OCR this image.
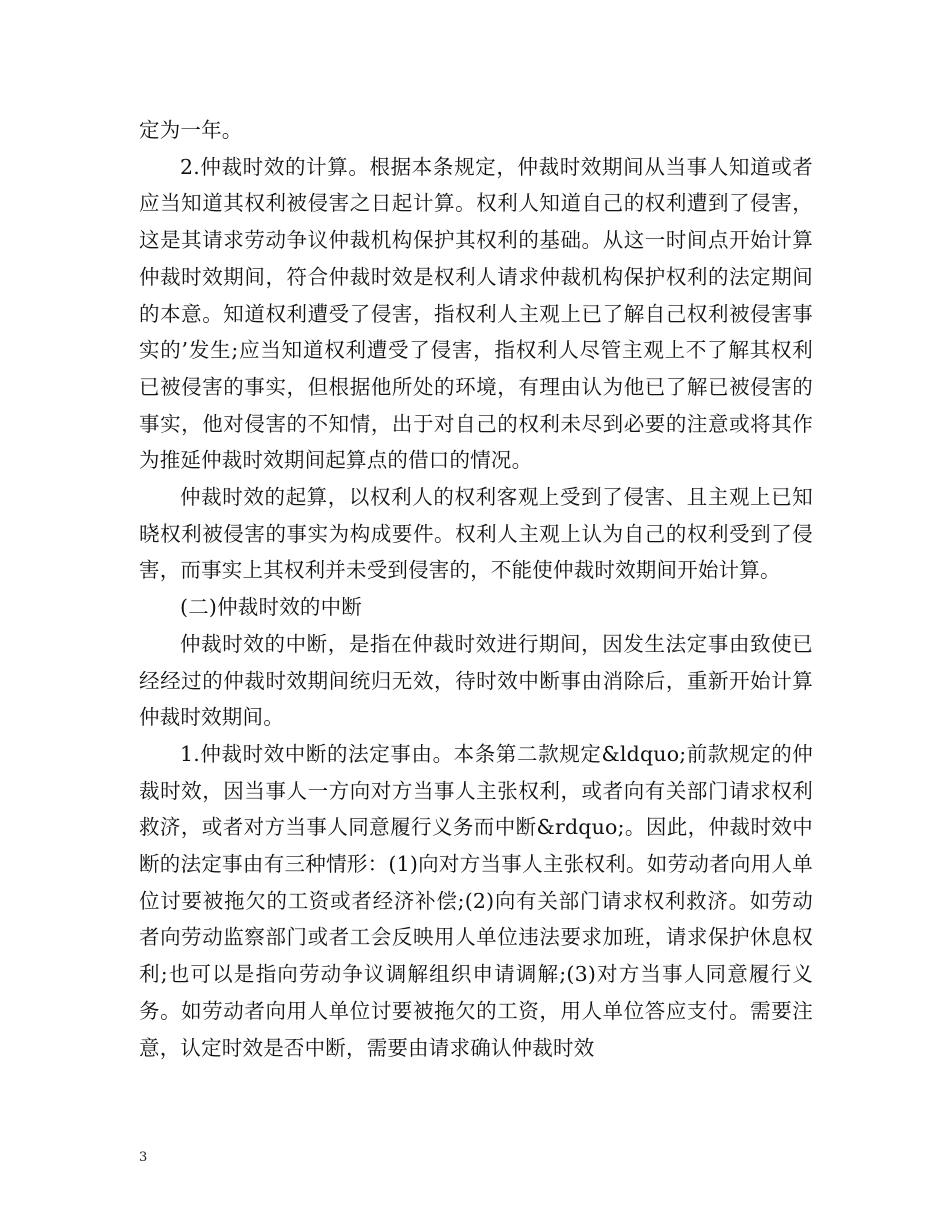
定为一年。

2.仲裁时效的计算。根据本条规定，仲裁时效期间从当事人知道或者应当知道其权利被侵害之日起计算。权利人知道自己的权利遭到了侵害，这是其请求劳动争议仲裁机构保护其权利的基础。从这一时间点开始计算仲裁时效期间，符合仲裁时效是权利人请求仲裁机构保护权利的法定期间的本意。知道权利遭受了侵害，指权利人主观上已了解自己权利被侵害事实的’发生;应当知道权利遭受了侵害，指权利人尽管主观上不了解其权利已被侵害的事实，但根据他所处的环境，有理由认为他已了解已被侵害的事实，他对侵害的不知情，出于对自己的权利未尽到必要的注意或将其作为推延仲裁时效期间起算点的借口的情况。

仲裁时效的起算，以权利人的权利客观上受到了侵害、且主观上已知晓权利被侵害的事实为构成要件。权利人主观上认为自己的权利受到了侵害，而事实上其权利并未受到侵害的，不能使仲裁时效期间开始计算。

(二)仲裁时效的中断

仲裁时效的中断，是指在仲裁时效进行期间，因发生法定事由致使已经经过的仲裁时效期间统归无效，待时效中断事由消除后，重新开始计算仲裁时效期间。

1.仲裁时效中断的法定事由。本条第二款规定&ldquo;前款规定的仲裁时效，因当事人一方向对方当事人主张权利，或者向有关部门请求权利救济，或者对方当事人同意履行义务而中断&rdquo;。因此，仲裁时效中断的法定事由有三种情形：(1)向对方当事人主张权利。如劳动者向用人单位讨要被拖欠的工资或者经济补偿;(2)向有关部门请求权利救济。如劳动者向劳动监察部门或者工会反映用人单位违法要求加班，请求保护休息权利;也可以是指向劳动争议调解组织申请调解;(3)对方当事人同意履行义务。如劳动者向用人单位讨要被拖欠的工资，用人单位答应支付。需要注意，认定时效是否中断，需要由请求确认仲裁时效

3
